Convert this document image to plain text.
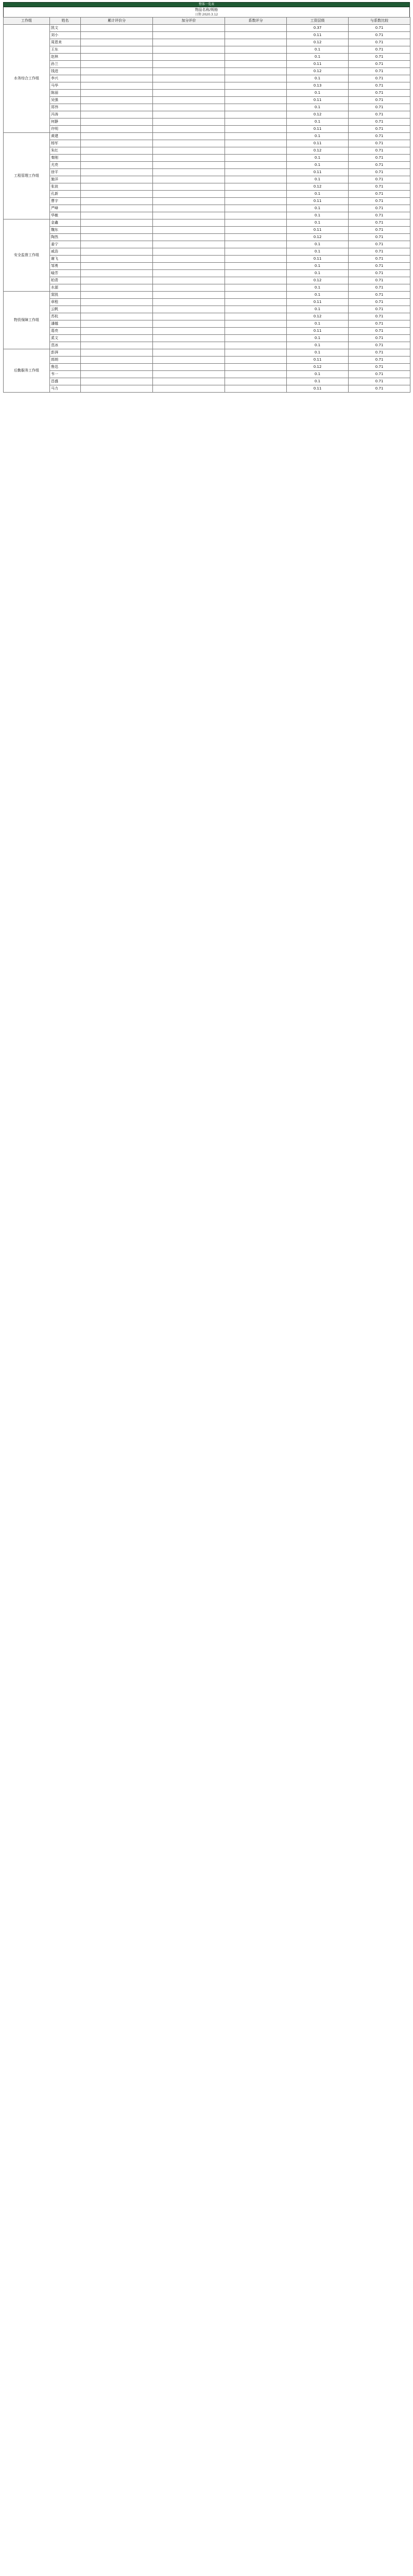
整体一览表
物品名称/规格
日期 2020.3.12
工作组	姓名	累计评价分	加分评价	系数评分	工资层级	与系数比较
水务综合工作组	凯文				0.37	0.71
	刘小				0.11	0.71
	周恩来				0.12	0.71
	王东				0.1	0.71
	赵林				0.1	0.71
	孙兰				0.11	0.71
	钱进				0.12	0.71
	李兴				0.1	0.71
	马华				0.13	0.71
	陈丽				0.1	0.71
	吴强				0.11	0.71
	郑伟				0.1	0.71
	冯涛				0.12	0.71
	何静				0.1	0.71
	许明				0.11	0.71
工程管理工作组	黄建				0.1	0.71
	杨军				0.11	0.71
	朱红				0.12	0.71
	秦刚				0.1	0.71
	尤亮				0.1	0.71
	徐平				0.11	0.71
	施洋				0.1	0.71
	张波				0.12	0.71
	孔新				0.1	0.71
	曹宇				0.11	0.71
	严峰				0.1	0.71
	华敏				0.1	0.71
安全监督工作组	金鑫				0.1	0.71
	魏东				0.11	0.71
	陶然				0.12	0.71
	姜宁				0.1	0.71
	戚浩				0.1	0.71
	谢飞				0.11	0.71
	邹勇				0.1	0.71
	喻芳				0.1	0.71
	柏青				0.12	0.71
	水源				0.1	0.71
物资保障工作组	窦凯				0.1	0.71
	章程				0.11	0.71
	云帆				0.1	0.71
	苏杭				0.12	0.71
	潘越				0.1	0.71
	葛亮				0.11	0.71
	奚文				0.1	0.71
	范冰				0.1	0.71
后勤服务工作组	彭湃				0.1	0.71
	郎朗				0.11	0.71
	鲁迅				0.12	0.71
	韦一				0.1	0.71
	昌盛				0.1	0.71
	马力				0.11	0.71
